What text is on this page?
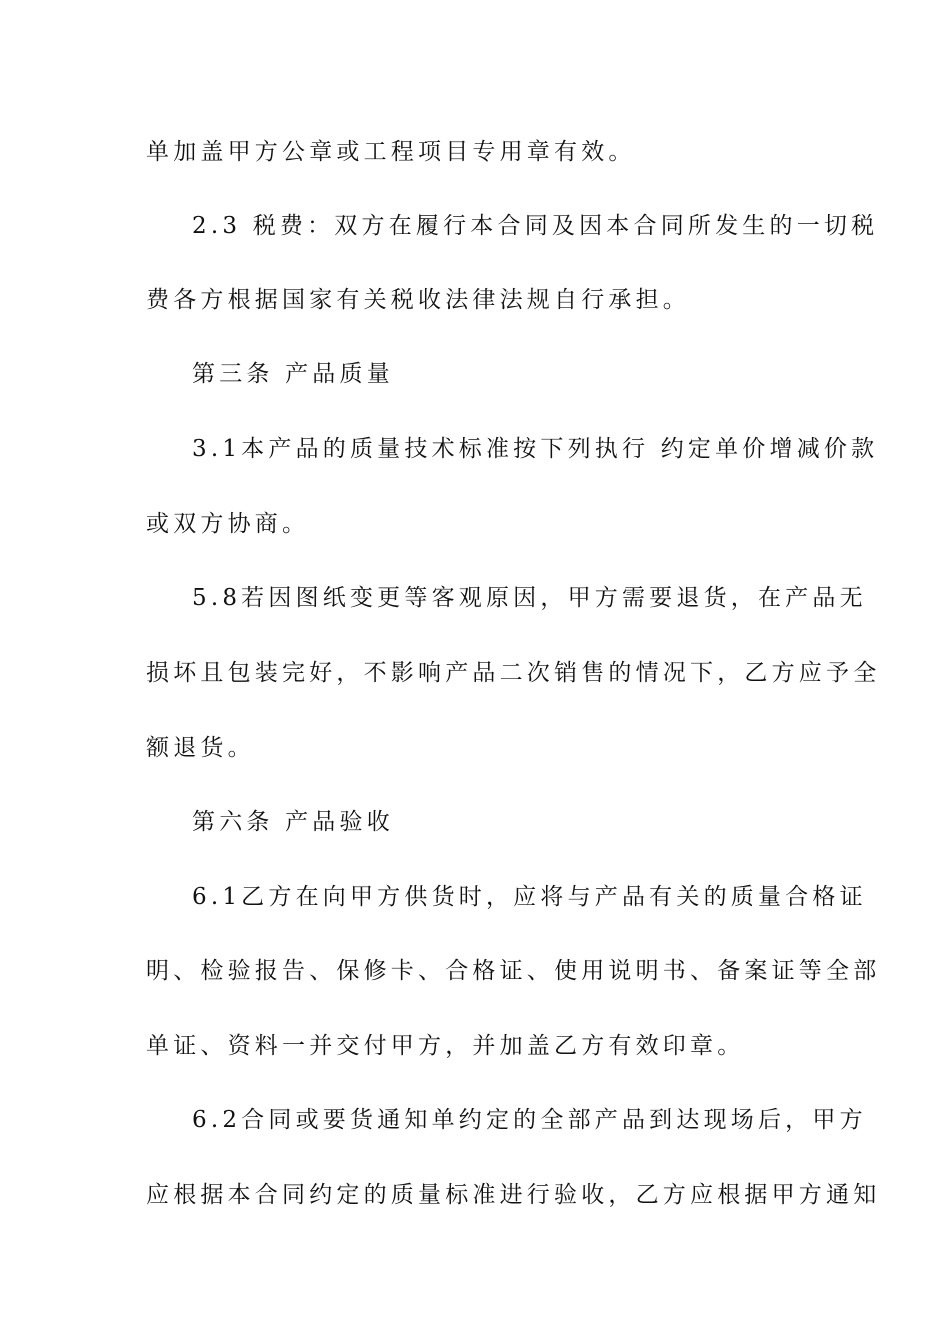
单加盖甲方公章或工程项目专用章有效。
2.3 税费：双方在履行本合同及因本合同所发生的一切税
费各方根据国家有关税收法律法规自行承担。
第三条 产品质量
3.1本产品的质量技术标准按下列执行 约定单价增减价款
或双方协商。
5.8若因图纸变更等客观原因，甲方需要退货，在产品无
损坏且包装完好，不影响产品二次销售的情况下，乙方应予全
额退货。
第六条 产品验收
6.1乙方在向甲方供货时，应将与产品有关的质量合格证
明、检验报告、保修卡、合格证、使用说明书、备案证等全部
单证、资料一并交付甲方，并加盖乙方有效印章。
6.2合同或要货通知单约定的全部产品到达现场后，甲方
应根据本合同约定的质量标准进行验收，乙方应根据甲方通知
